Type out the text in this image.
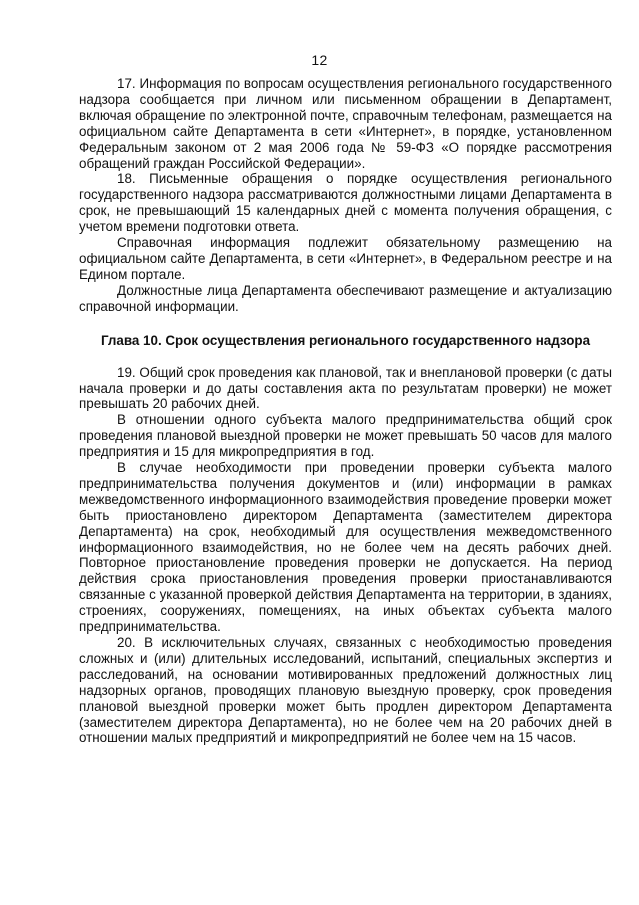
12

17. Информация по вопросам осуществления регионального государственного надзора сообщается при личном или письменном обращении в Департамент, включая обращение по электронной почте, справочным телефонам, размещается на официальном сайте Департамента в сети «Интернет», в порядке, установленном Федеральным законом от 2 мая 2006 года № 59-ФЗ «О порядке рассмотрения обращений граждан Российской Федерации».

18. Письменные обращения о порядке осуществления регионального государственного надзора рассматриваются должностными лицами Департамента в срок, не превышающий 15 календарных дней с момента получения обращения, с учетом времени подготовки ответа.

Справочная информация подлежит обязательному размещению на официальном сайте Департамента, в сети «Интернет», в Федеральном реестре и на Едином портале.

Должностные лица Департамента обеспечивают размещение и актуализацию справочной информации.

Глава 10. Срок осуществления регионального государственного надзора

19. Общий срок проведения как плановой, так и внеплановой проверки (с даты начала проверки и до даты составления акта по результатам проверки) не может превышать 20 рабочих дней.

В отношении одного субъекта малого предпринимательства общий срок проведения плановой выездной проверки не может превышать 50 часов для малого предприятия и 15 для микропредприятия в год.

В случае необходимости при проведении проверки субъекта малого предпринимательства получения документов и (или) информации в рамках межведомственного информационного взаимодействия проведение проверки может быть приостановлено директором Департамента (заместителем директора Департамента) на срок, необходимый для осуществления межведомственного информационного взаимодействия, но не более чем на десять рабочих дней. Повторное приостановление проведения проверки не допускается. На период действия срока приостановления проведения проверки приостанавливаются связанные с указанной проверкой действия Департамента на территории, в зданиях, строениях, сооружениях, помещениях, на иных объектах субъекта малого предпринимательства.

20. В исключительных случаях, связанных с необходимостью проведения сложных и (или) длительных исследований, испытаний, специальных экспертиз и расследований, на основании мотивированных предложений должностных лиц надзорных органов, проводящих плановую выездную проверку, срок проведения плановой выездной проверки может быть продлен директором Департамента (заместителем директора Департамента), но не более чем на 20 рабочих дней в отношении малых предприятий и микропредприятий не более чем на 15 часов.
